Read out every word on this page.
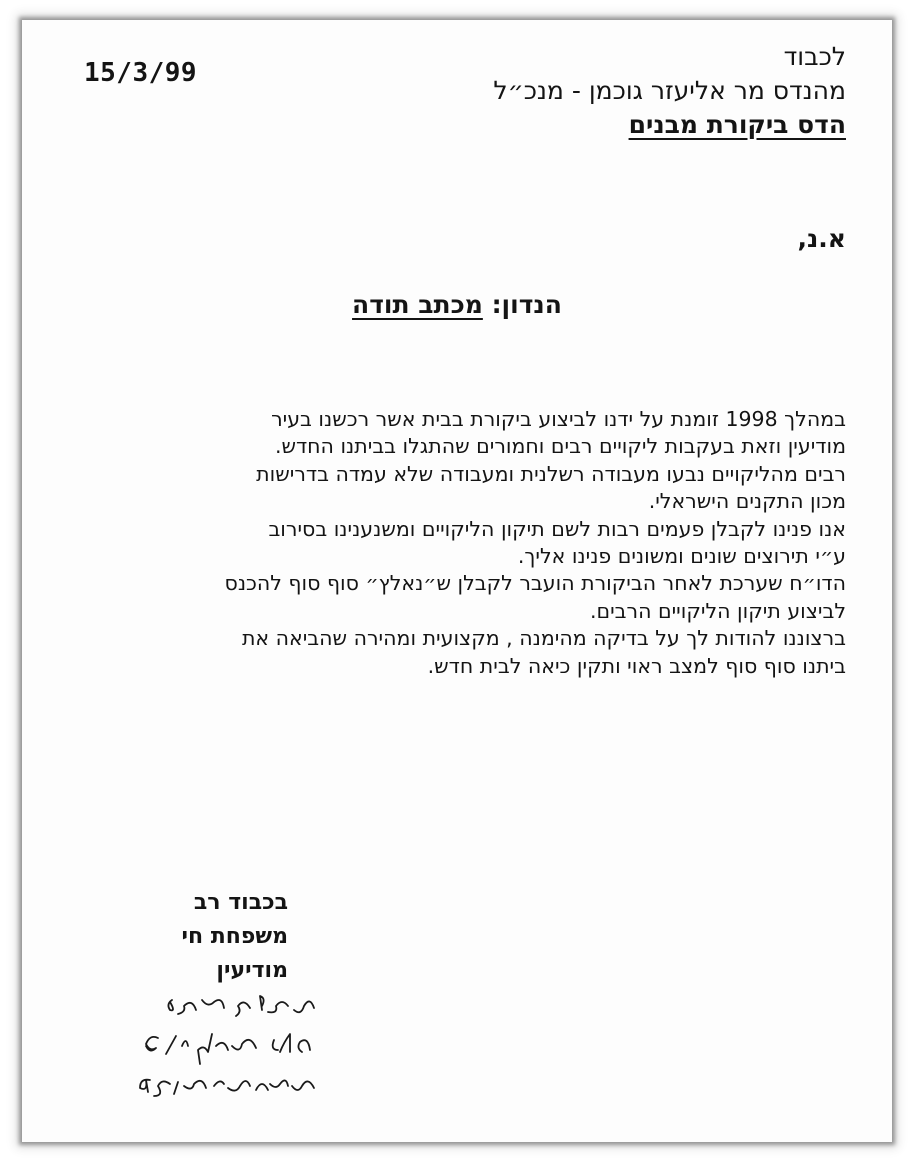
15/3/99
לכבוד
מהנדס מר אליעזר גוכמן - מנכ״ל
הדס ביקורת מבנים
א.נ,
הנדון: מכתב תודה
במהלך 1998 זומנת על ידנו לביצוע ביקורת בבית אשר רכשנו בעיר
מודיעין וזאת בעקבות ליקויים רבים וחמורים שהתגלו בביתנו החדש.
רבים מהליקויים נבעו מעבודה רשלנית ומעבודה שלא עמדה בדרישות
מכון התקנים הישראלי.
אנו פנינו לקבלן פעמים רבות לשם תיקון הליקויים ומשנענינו בסירוב
ע״י תירוצים שונים ומשונים פנינו אליך.
הדו״ח שערכת לאחר הביקורת הועבר לקבלן ש״נאלץ״ סוף סוף להכנס
לביצוע תיקון הליקויים הרבים.
ברצוננו להודות לך על בדיקה מהימנה , מקצועית ומהירה שהביאה את
ביתנו סוף סוף למצב ראוי ותקין כיאה לבית חדש.
בכבוד רב
משפחת חי
מודיעין
